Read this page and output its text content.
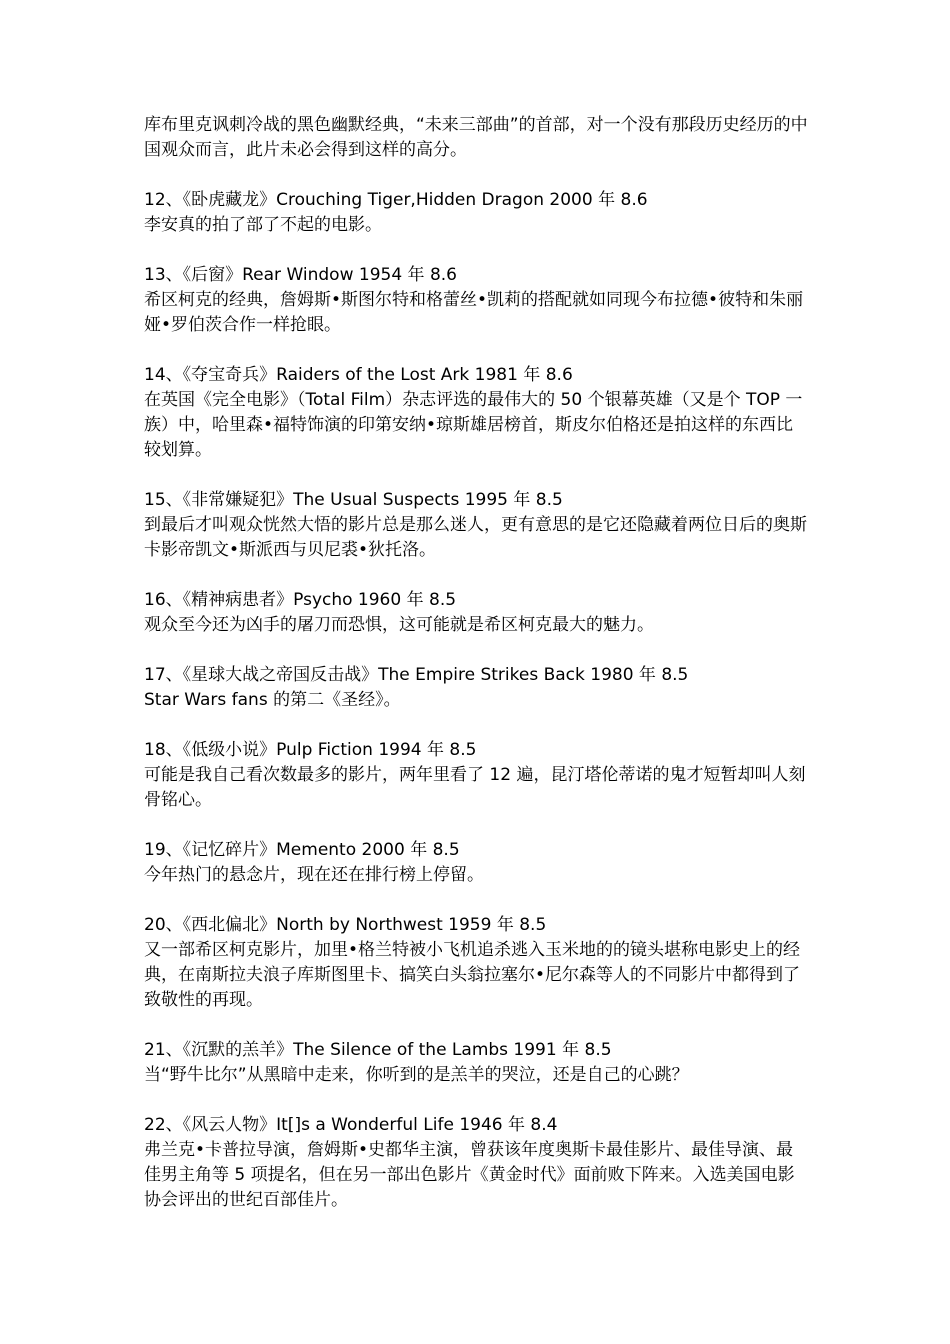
库布里克讽刺冷战的黑色幽默经典，“未来三部曲”的首部，对一个没有那段历史经历的中国观众而言，此片未必会得到这样的高分。
12、《卧虎藏龙》Crouching Tiger,Hidden Dragon 2000 年 8.6
李安真的拍了部了不起的电影。
13、《后窗》Rear Window 1954 年 8.6
希区柯克的经典，詹姆斯•斯图尔特和格蕾丝•凯莉的搭配就如同现今布拉德•彼特和朱丽娅•罗伯茨合作一样抢眼。
14、《夺宝奇兵》Raiders of the Lost Ark 1981 年 8.6
在英国《完全电影》（Total Film）杂志评选的最伟大的 50 个银幕英雄（又是个 TOP 一族）中，哈里森•福特饰演的印第安纳•琼斯雄居榜首，斯皮尔伯格还是拍这样的东西比较划算。
15、《非常嫌疑犯》The Usual Suspects 1995 年 8.5
到最后才叫观众恍然大悟的影片总是那么迷人，更有意思的是它还隐藏着两位日后的奥斯卡影帝凯文•斯派西与贝尼裘•狄托洛。
16、《精神病患者》Psycho 1960 年 8.5
观众至今还为凶手的屠刀而恐惧，这可能就是希区柯克最大的魅力。
17、《星球大战之帝国反击战》The Empire Strikes Back 1980 年 8.5
Star Wars fans 的第二《圣经》。
18、《低级小说》Pulp Fiction 1994 年 8.5
可能是我自己看次数最多的影片，两年里看了 12 遍，昆汀塔伦蒂诺的鬼才短暂却叫人刻骨铭心。
19、《记忆碎片》Memento 2000 年 8.5
今年热门的悬念片，现在还在排行榜上停留。
20、《西北偏北》North by Northwest 1959 年 8.5
又一部希区柯克影片，加里•格兰特被小飞机追杀逃入玉米地的的镜头堪称电影史上的经典，在南斯拉夫浪子库斯图里卡、搞笑白头翁拉塞尔•尼尔森等人的不同影片中都得到了致敬性的再现。
21、《沉默的羔羊》The Silence of the Lambs 1991 年 8.5
当“野牛比尔”从黑暗中走来，你听到的是羔羊的哭泣，还是自己的心跳？
22、《风云人物》It[]s a Wonderful Life 1946 年 8.4
弗兰克•卡普拉导演，詹姆斯•史都华主演，曾获该年度奥斯卡最佳影片、最佳导演、最佳男主角等 5 项提名，但在另一部出色影片《黄金时代》面前败下阵来。入选美国电影协会评出的世纪百部佳片。
